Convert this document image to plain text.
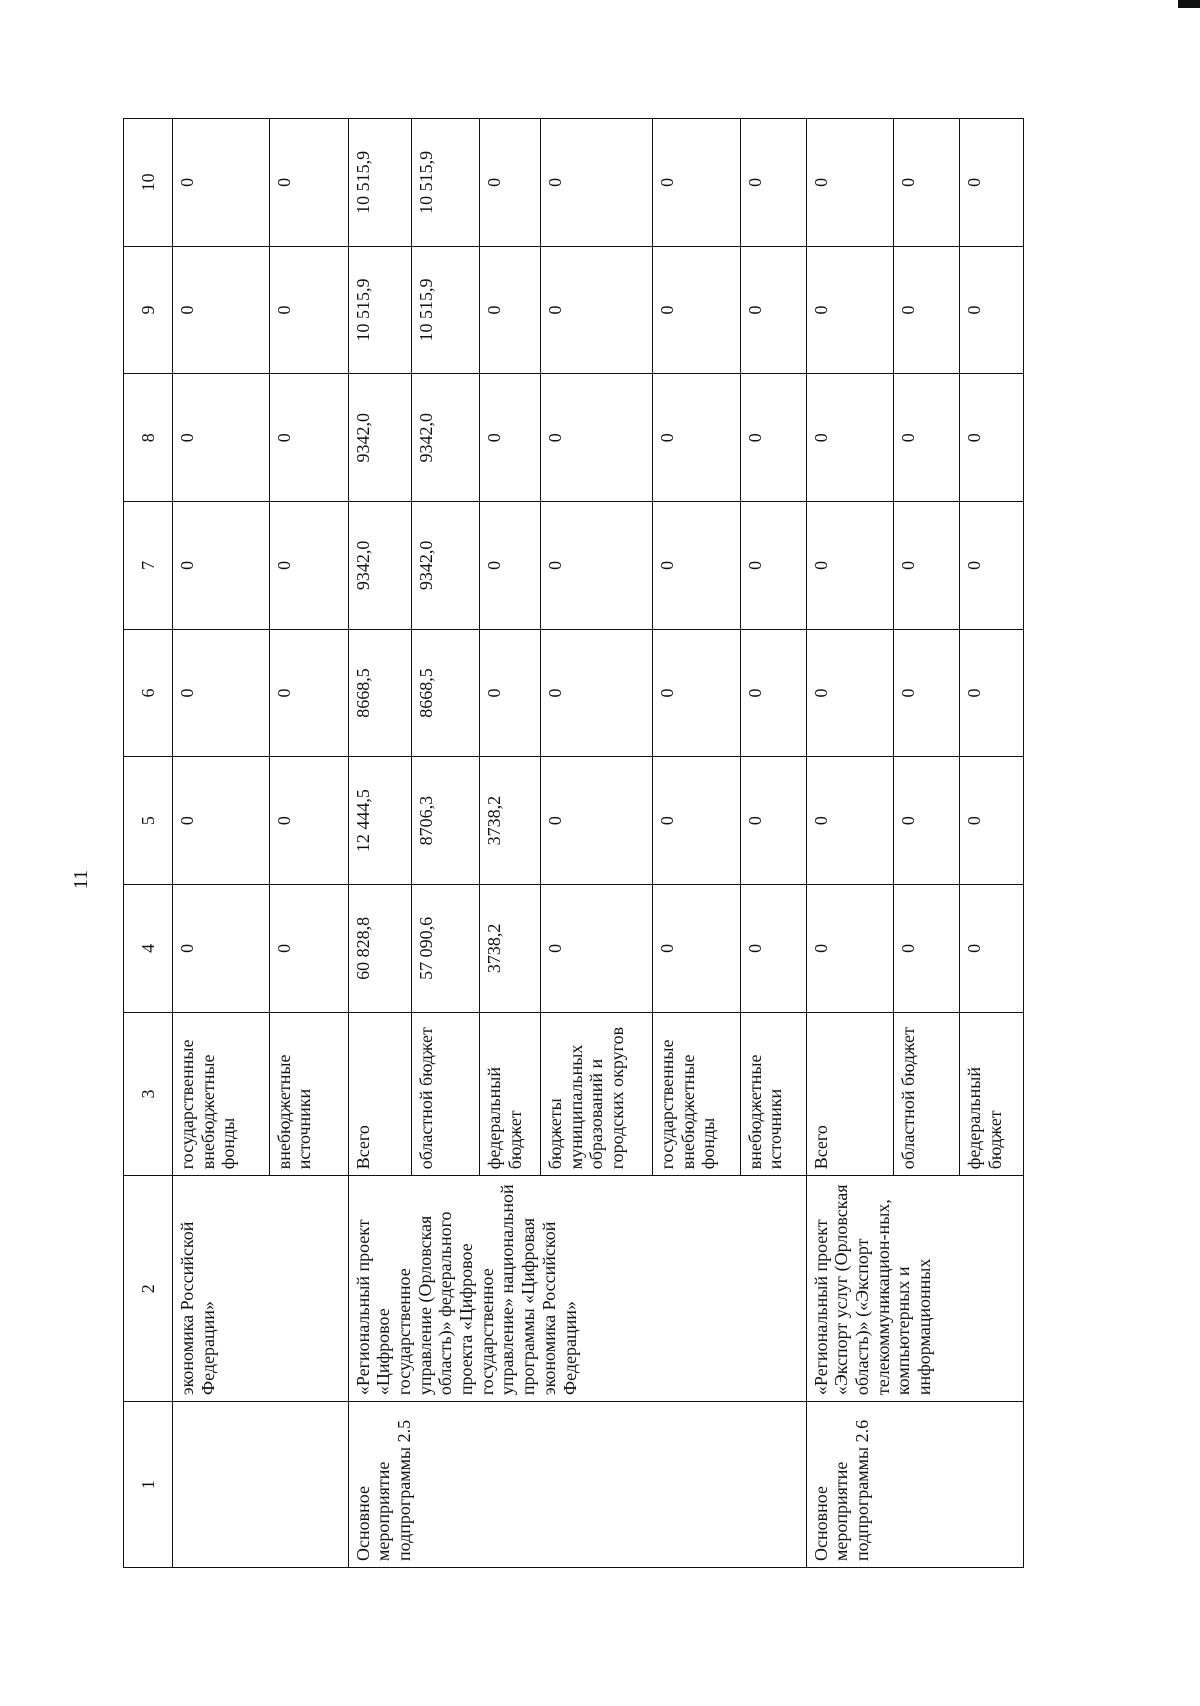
11
1	2	3	4	5	6	7	8	9	10
	экономика Российской Федерации»	государственные внебюджетные фонды	0	0	0	0	0	0	0
		внебюджетные источники	0	0	0	0	0	0	0
Основное мероприятие подпрограммы 2.5	«Региональный проект «Цифровое государственное управление (Орловская область)» федерального проекта «Цифровое государственное управление» национальной программы «Цифровая экономика Российской Федерации»	Всего	60 828,8	12 444,5	8668,5	9342,0	9342,0	10 515,9	10 515,9
		областной бюджет	57 090,6	8706,3	8668,5	9342,0	9342,0	10 515,9	10 515,9
		федеральный бюджет	3738,2	3738,2	0	0	0	0	0
		бюджеты муниципальных образований и городских округов	0	0	0	0	0	0	0
		государственные внебюджетные фонды	0	0	0	0	0	0	0
		внебюджетные источники	0	0	0	0	0	0	0
Основное мероприятие подпрограммы 2.6	«Региональный проект «Экспорт услуг (Орловская область)» («Экспорт телекоммуникацион-ных, компьютерных и информационных	Всего	0	0	0	0	0	0	0
		областной бюджет	0	0	0	0	0	0	0
		федеральный бюджет	0	0	0	0	0	0	0
